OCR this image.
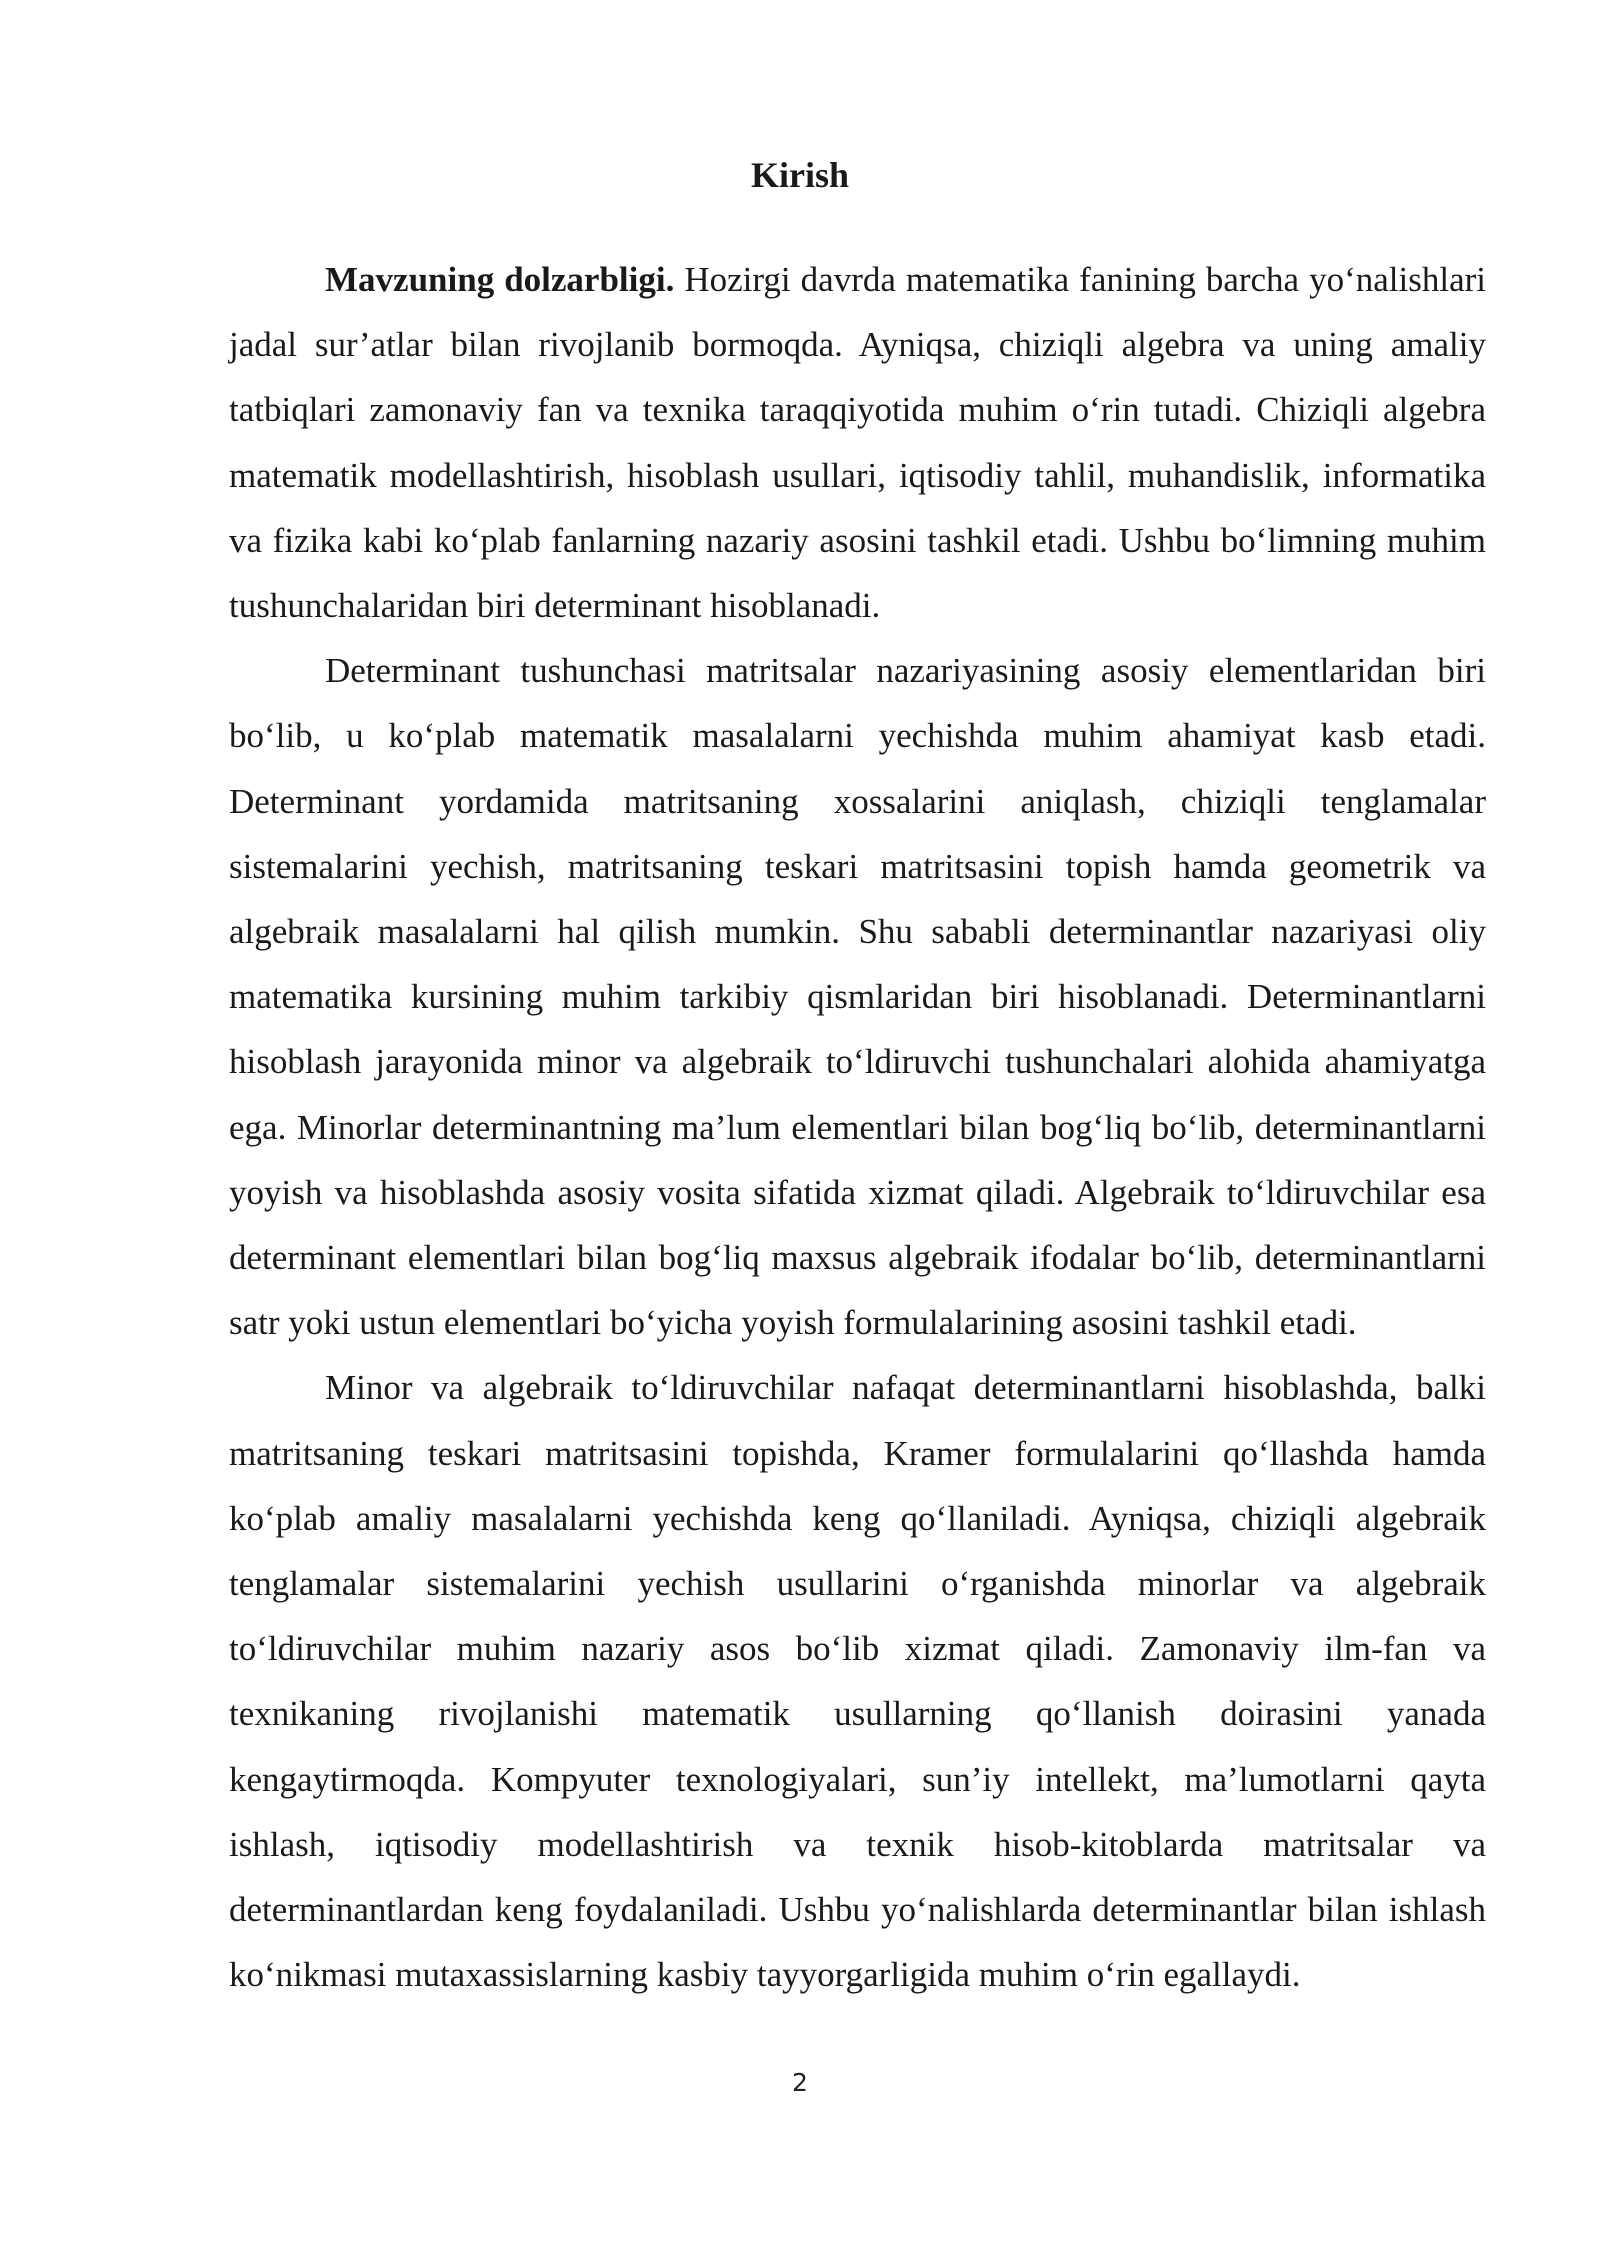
Kirish

Mavzuning dolzarbligi. Hozirgi davrda matematika fanining barcha yo‘nalishlari jadal sur’atlar bilan rivojlanib bormoqda. Ayniqsa, chiziqli algebra va uning amaliy tatbiqlari zamonaviy fan va texnika taraqqiyotida muhim o‘rin tutadi. Chiziqli algebra matematik modellashtirish, hisoblash usullari, iqtisodiy tahlil, muhandislik, informatika va fizika kabi ko‘plab fanlarning nazariy asosini tashkil etadi. Ushbu bo‘limning muhim tushunchalaridan biri determinant hisoblanadi.

Determinant tushunchasi matritsalar nazariyasining asosiy elementlaridan biri bo‘lib, u ko‘plab matematik masalalarni yechishda muhim ahamiyat kasb etadi. Determinant yordamida matritsaning xossalarini aniqlash, chiziqli tenglamalar sistemalarini yechish, matritsaning teskari matritsasini topish hamda geometrik va algebraik masalalarni hal qilish mumkin. Shu sababli determinantlar nazariyasi oliy matematika kursining muhim tarkibiy qismlaridan biri hisoblanadi. Determinantlarni hisoblash jarayonida minor va algebraik to‘ldiruvchi tushunchalari alohida ahamiyatga ega. Minorlar determinantning ma’lum elementlari bilan bog‘liq bo‘lib, determinantlarni yoyish va hisoblashda asosiy vosita sifatida xizmat qiladi. Algebraik to‘ldiruvchilar esa determinant elementlari bilan bog‘liq maxsus algebraik ifodalar bo‘lib, determinantlarni satr yoki ustun elementlari bo‘yicha yoyish formulalarining asosini tashkil etadi.

Minor va algebraik to‘ldiruvchilar nafaqat determinantlarni hisoblashda, balki matritsaning teskari matritsasini topishda, Kramer formulalarini qo‘llashda hamda ko‘plab amaliy masalalarni yechishda keng qo‘llaniladi. Ayniqsa, chiziqli algebraik tenglamalar sistemalarini yechish usullarini o‘rganishda minorlar va algebraik to‘ldiruvchilar muhim nazariy asos bo‘lib xizmat qiladi. Zamonaviy ilm-fan va texnikaning rivojlanishi matematik usullarning qo‘llanish doirasini yanada kengaytirmoqda. Kompyuter texnologiyalari, sun’iy intellekt, ma’lumotlarni qayta ishlash, iqtisodiy modellashtirish va texnik hisob-kitoblarda matritsalar va determinantlardan keng foydalaniladi. Ushbu yo‘nalishlarda determinantlar bilan ishlash ko‘nikmasi mutaxassislarning kasbiy tayyorgarligida muhim o‘rin egallaydi.

2
